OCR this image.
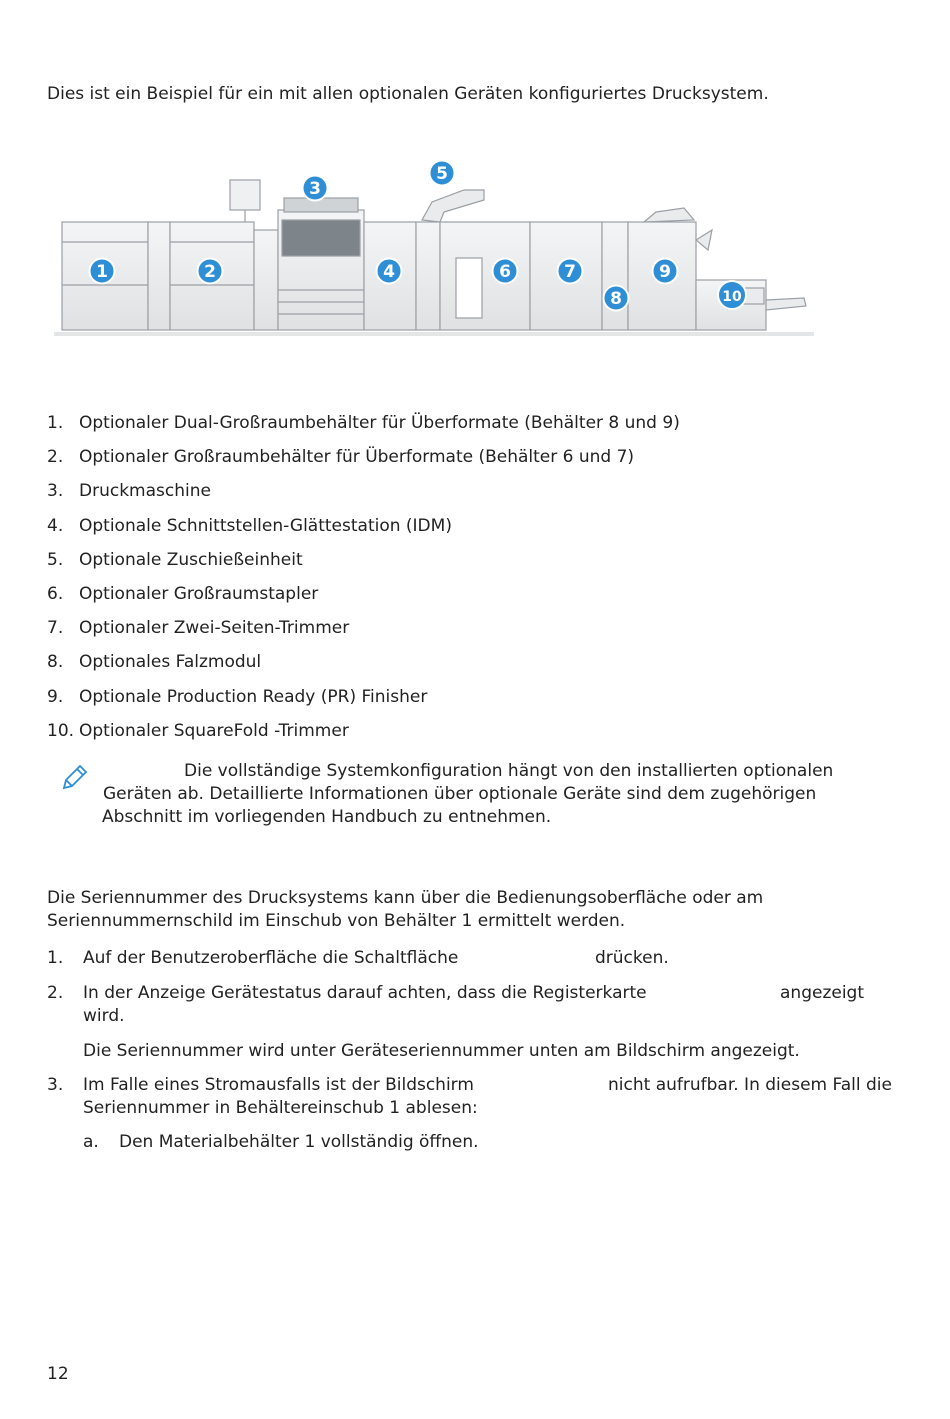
Dies ist ein Beispiel für ein mit allen optionalen Geräten konfiguriertes Drucksystem.
1	2
3
4
5
6	7
8
9
10
1. Optionaler Dual-Großraumbehälter für Überformate (Behälter 8 und 9)
2. Optionaler Großraumbehälter für Überformate (Behälter 6 und 7)
3. Druckmaschine
4. Optionale Schnittstellen-Glättestation (IDM)
5. Optionale Zuschießeinheit
6. Optionaler Großraumstapler
7. Optionaler Zwei-Seiten-Trimmer
8. Optionales Falzmodul
9. Optionale Production Ready (PR) Finisher
10. Optionaler SquareFold -Trimmer
Die vollständige Systemkonfiguration hängt von den installierten optionalen
Geräten ab. Detaillierte Informationen über optionale Geräte sind dem zugehörigen
Abschnitt im vorliegenden Handbuch zu entnehmen.
Die Seriennummer des Drucksystems kann über die Bedienungsoberfläche oder am
Seriennummernschild im Einschub von Behälter 1 ermittelt werden.
1. Auf der Benutzeroberfläche die Schaltfläche	drücken.
2. In der Anzeige Gerätestatus darauf achten, dass die Registerkarte	angezeigt
wird.
Die Seriennummer wird unter Geräteseriennummer unten am Bildschirm angezeigt.
3. Im Falle eines Stromausfalls ist der Bildschirm	nicht aufrufbar. In diesem Fall die
Seriennummer in Behältereinschub 1 ablesen:
a. Den Materialbehälter 1 vollständig öffnen.
12
